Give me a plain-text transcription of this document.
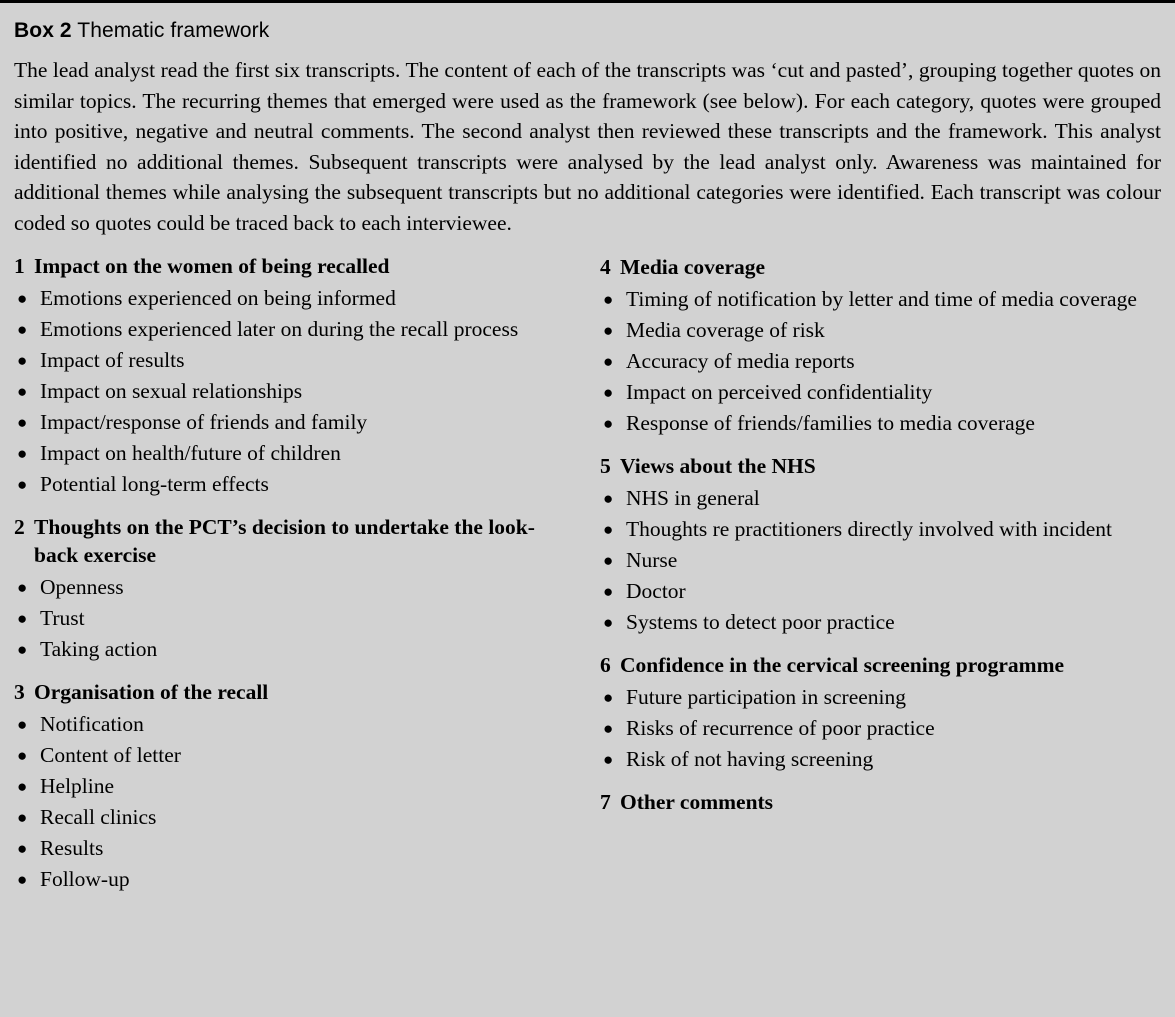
Box 2 Thematic framework

The lead analyst read the first six transcripts. The content of each of the transcripts was ‘cut and pasted’, grouping together quotes on similar topics. The recurring themes that emerged were used as the framework (see below). For each category, quotes were grouped into positive, negative and neutral comments. The second analyst then reviewed these transcripts and the framework. This analyst identified no additional themes. Subsequent transcripts were analysed by the lead analyst only. Awareness was maintained for additional themes while analysing the subsequent transcripts but no additional categories were identified. Each transcript was colour coded so quotes could be traced back to each interviewee.

1 Impact on the women of being recalled
● Emotions experienced on being informed
● Emotions experienced later on during the recall process
● Impact of results
● Impact on sexual relationships
● Impact/response of friends and family
● Impact on health/future of children
● Potential long-term effects
2 Thoughts on the PCT’s decision to undertake the look-back exercise
● Openness
● Trust
● Taking action
3 Organisation of the recall
● Notification
● Content of letter
● Helpline
● Recall clinics
● Results
● Follow-up
4 Media coverage
● Timing of notification by letter and time of media coverage
● Media coverage of risk
● Accuracy of media reports
● Impact on perceived confidentiality
● Response of friends/families to media coverage
5 Views about the NHS
● NHS in general
● Thoughts re practitioners directly involved with incident
● Nurse
● Doctor
● Systems to detect poor practice
6 Confidence in the cervical screening programme
● Future participation in screening
● Risks of recurrence of poor practice
● Risk of not having screening
7 Other comments
